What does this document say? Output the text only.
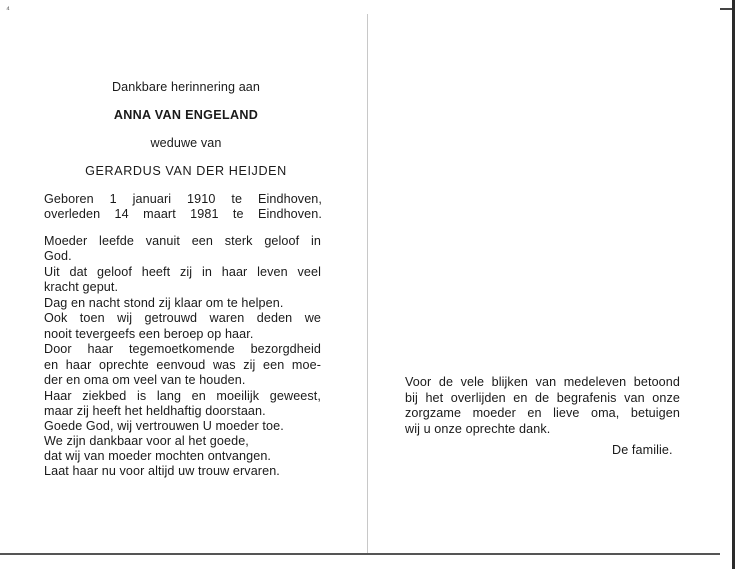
⁴
Dankbare herinnering aan
ANNA VAN ENGELAND
weduwe van
GERARDUS VAN DER HEIJDEN
Geboren 1 januari 1910 te Eindhoven,
overleden 14 maart 1981 te Eindhoven.
Moeder leefde vanuit een sterk geloof in
God.
Uit dat geloof heeft zij in haar leven veel
kracht geput.
Dag en nacht stond zij klaar om te helpen.
Ook toen wij getrouwd waren deden we
nooit tevergeefs een beroep op haar.
Door haar tegemoetkomende bezorgdheid
en haar oprechte eenvoud was zij een moe-
der en oma om veel van te houden.
Haar ziekbed is lang en moeilijk geweest,
maar zij heeft het heldhaftig doorstaan.
Goede God, wij vertrouwen U moeder toe.
We zijn dankbaar voor al het goede,
dat wij van moeder mochten ontvangen.
Laat haar nu voor altijd uw trouw ervaren.
Voor de vele blijken van medeleven betoond
bij het overlijden en de begrafenis van onze
zorgzame moeder en lieve oma, betuigen
wij u onze oprechte dank.
De familie.
